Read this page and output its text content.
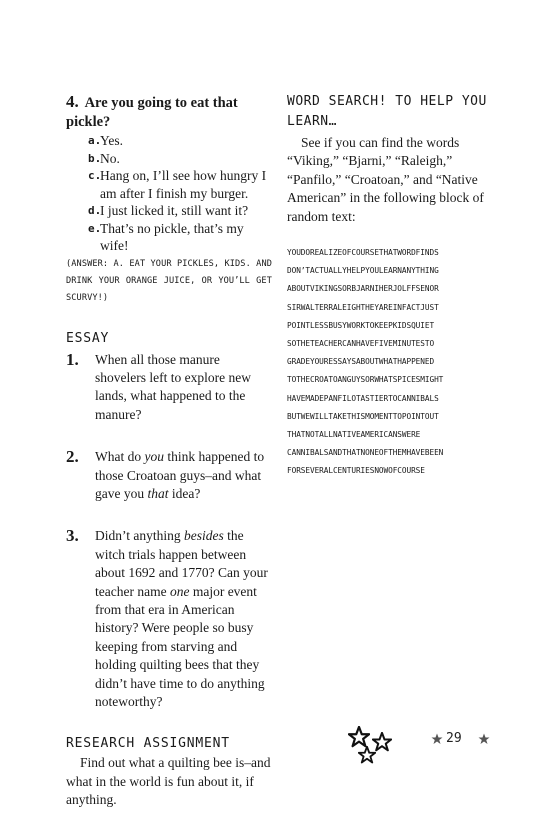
4. Are you going to eat that pickle?
a.
Yes.
b.
No.
c.
Hang on, I’ll see how hungry I am after I finish my burger.
d.
I just licked it, still want it?
e.
That’s no pickle, that’s my wife!
(ANSWER: A. EAT YOUR PICKLES, KIDS. AND DRINK YOUR ORANGE JUICE, OR YOU’LL GET SCURVY!)
ESSAY
1.	When all those manure shovelers left to explore new lands, what happened to the manure?
2.	What do you think happened to those Croatoan guys–and what gave you that idea?
3.	Didn’t anything besides the witch trials happen between about 1692 and 1770? Can your teacher name one major event from that era in American history? Were people so busy keeping from starving and holding quilting bees that they didn’t have time to do anything noteworthy?
RESEARCH ASSIGNMENT
Find out what a quilting bee is–and what in the world is fun about it, if anything.
WORD SEARCH! TO HELP YOU LEARN…
See if you can find the words “Viking,” “Bjarni,” “Raleigh,” “Panfilo,” “Croatoan,” and “Native American” in the following block of random text:
YOUDOREALIZEOFCOURSETHATWORDFINDS
DON’TACTUALLYHELPYOULEARNANYTHING
ABOUTVIKINGSORBJARNIHERJOLFFSENOR
SIRWALTERRALEIGHTHEYAREINFACTJUST
POINTLESSBUSYWORKTOKEEPKIDSQUIET
SOTHETEACHERCANHAVEFIVEMINUTESTO
GRADEYOURESSAYSABOUTWHATHAPPENED
TOTHECROATOANGUYSORWHATSPICESMIGHT
HAVEMADEPANFILOTASTIERTOCANNIBALS
BUTWEWILLTAKETHISMOMENTTOPOINTOUT
THATNOTALLNATIVEAMERICANSWERE
CANNIBALSANDTHATNONEOFTHEMHAVEBEEN
FORSEVERALCENTURIESNOWOFCOURSE
29
